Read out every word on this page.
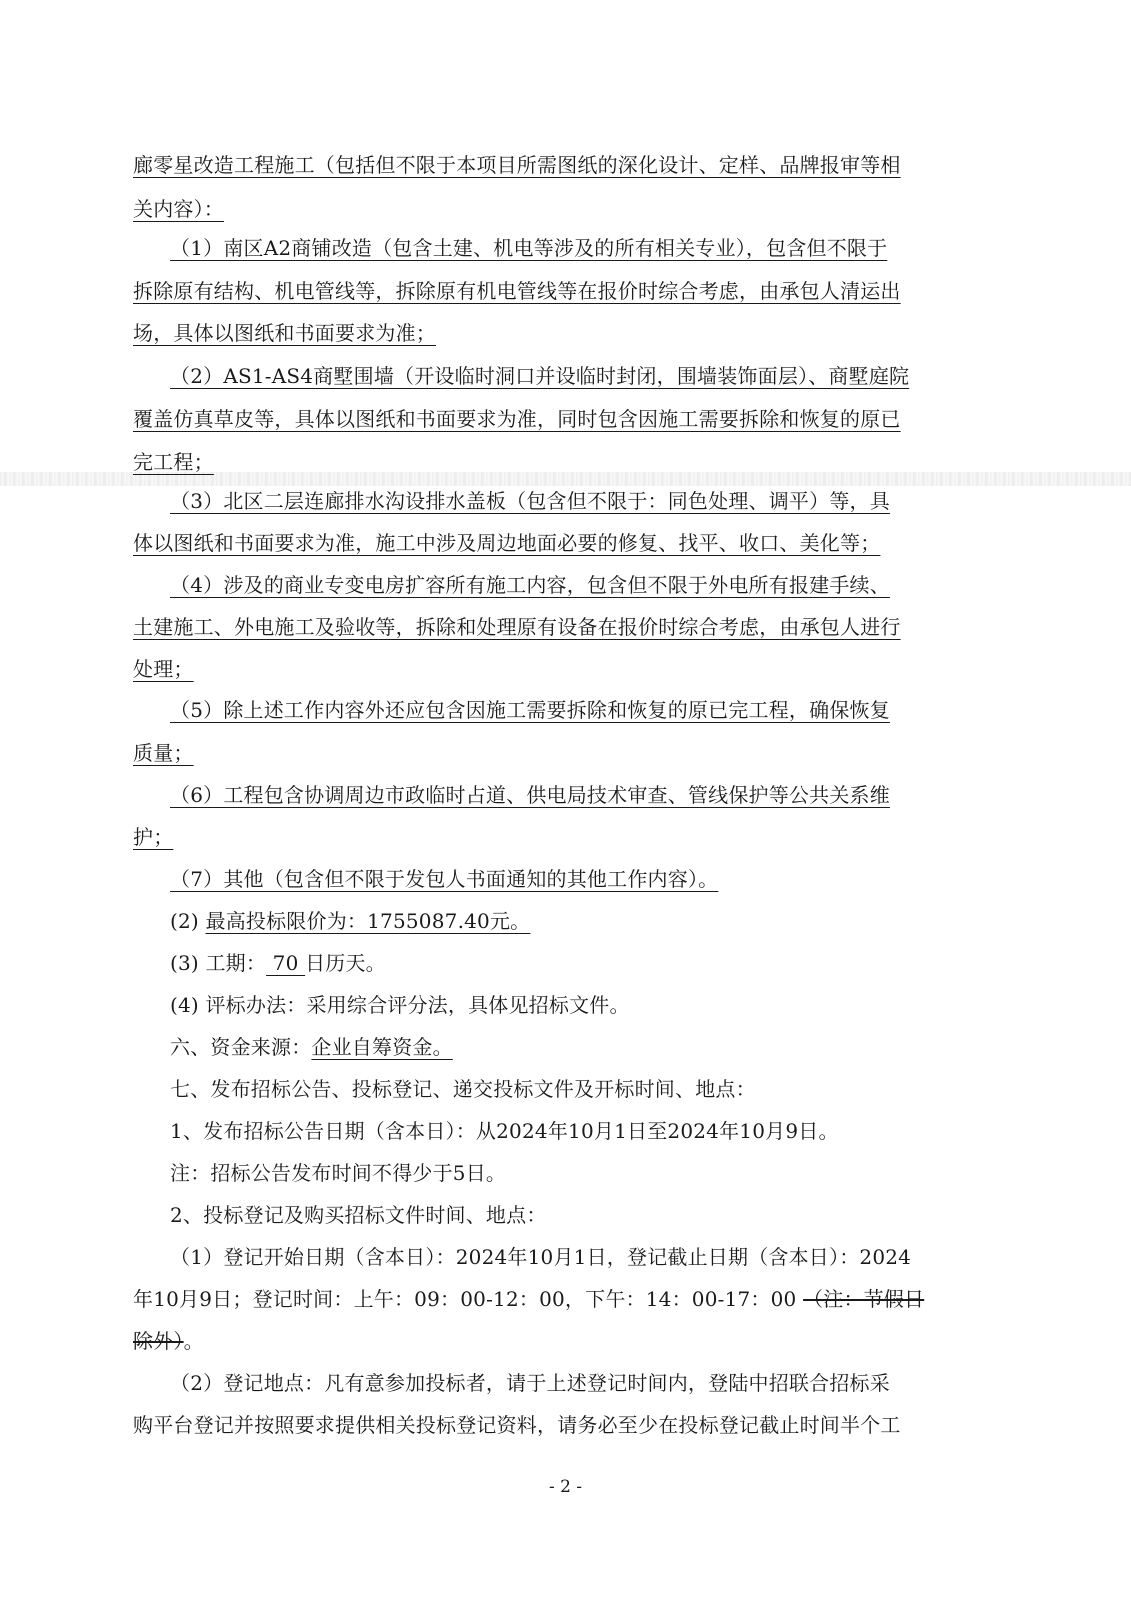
廊零星改造工程施工（包括但不限于本项目所需图纸的深化设计、定样、品牌报审等相
关内容）：
（1）南区A2商铺改造（包含土建、机电等涉及的所有相关专业），包含但不限于
拆除原有结构、机电管线等，拆除原有机电管线等在报价时综合考虑，由承包人清运出
场，具体以图纸和书面要求为准；
（2）AS1-AS4商墅围墙（开设临时洞口并设临时封闭，围墙装饰面层）、商墅庭院
覆盖仿真草皮等，具体以图纸和书面要求为准，同时包含因施工需要拆除和恢复的原已
完工程；
（3）北区二层连廊排水沟设排水盖板（包含但不限于：同色处理、调平）等，具
体以图纸和书面要求为准，施工中涉及周边地面必要的修复、找平、收口、美化等；
（4）涉及的商业专变电房扩容所有施工内容，包含但不限于外电所有报建手续、
土建施工、外电施工及验收等，拆除和处理原有设备在报价时综合考虑，由承包人进行
处理；
（5）除上述工作内容外还应包含因施工需要拆除和恢复的原已完工程，确保恢复
质量；
（6）工程包含协调周边市政临时占道、供电局技术审查、管线保护等公共关系维
护；
（7）其他（包含但不限于发包人书面通知的其他工作内容）。
(2) 最高投标限价为：1755087.40元。
(3) 工期： 70 日历天。
(4) 评标办法：采用综合评分法，具体见招标文件。
六、资金来源：企业自筹资金。
七、发布招标公告、投标登记、递交投标文件及开标时间、地点：
1、发布招标公告日期（含本日）：从2024年10月1日至2024年10月9日。
注：招标公告发布时间不得少于5日。
2、投标登记及购买招标文件时间、地点：
（1）登记开始日期（含本日）：2024年10月1日，登记截止日期（含本日）：2024
年10月9日；登记时间：上午：09：00-12：00，下午：14：00-17：00 （注：节假日
除外）。
（2）登记地点：凡有意参加投标者，请于上述登记时间内，登陆中招联合招标采
购平台登记并按照要求提供相关投标登记资料，请务必至少在投标登记截止时间半个工
- 2 -
